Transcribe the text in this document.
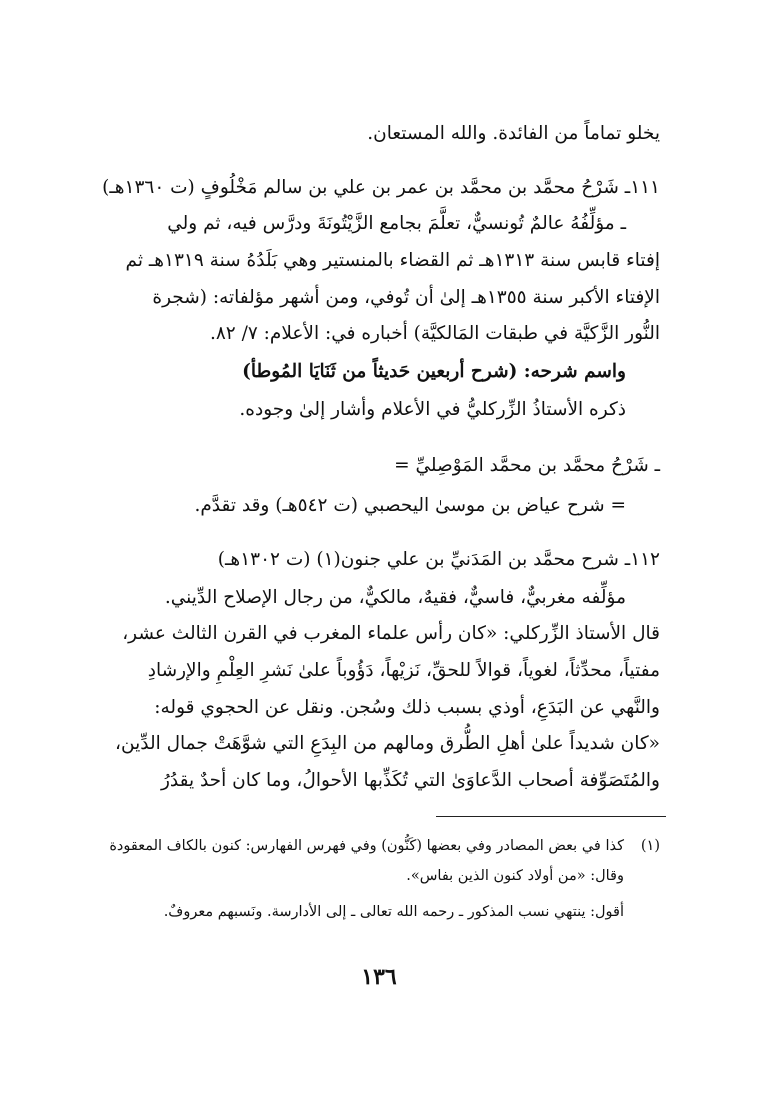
يخلو تماماً من الفائدة. والله المستعان.
١١١ـ شَرْحُ محمَّد بن محمَّد بن عمر بن علي بن سالم مَخْلُوفٍ (ت ١٣٦٠هـ)
ـ مؤلِّفُهُ عالمٌ تُونسيٌّ، تعلَّمَ بجامع الزَّيْتُونَةَ ودرَّس فيه، ثم ولي
إفتاء قابس سنة ١٣١٣هـ ثم القضاء بالمنستير وهي بَلَدُهُ سنة ١٣١٩هـ ثم
الإفتاء الأكبر سنة ١٣٥٥هـ إلىٰ أن تُوفي، ومن أشهر مؤلفاته: (شجرة
النُّور الزَّكيَّة في طبقات المَالكيَّة) أخباره في: الأعلام: ٧/ ٨٢.
واسم شرحه: (شرح أربعين حَديثاً من ثَنَايَا المُوطأ)
ذكره الأستاذُ الزِّركليُّ في الأعلام وأشار إلىٰ وجوده.
ـ شَرْحُ محمَّد بن محمَّد المَوْصِليِّ =
= شرح عياض بن موسىٰ اليحصبي (ت ٥٤٢هـ) وقد تقدَّم.
١١٢ـ شرح محمَّد بن المَدَنيِّ بن علي جنون(١) (ت ١٣٠٢هـ)
مؤلِّفه مغربيٌّ، فاسيٌّ، فقيهٌ، مالكيٌّ، من رجال الإصلاح الدِّيني.
قال الأستاذ الزِّركلي: «كان رأس علماء المغرب في القرن الثالث عشر،
مفتياً، محدِّثاً، لغوياً، قوالاً للحقِّ، نَزيْهاً، دَؤُوباً علىٰ نَشرِ العِلْمِ والإرشادِ
والنَّهي عن البَدَعِ، أوذي بسبب ذلك وسُجن. ونقل عن الحجوي قوله:
«كان شديداً علىٰ أهلِ الطُّرق ومالهم من البِدَعِ التي شوَّهَتْ جمال الدِّين،
والمُتَصَوِّفة أصحاب الدَّعاوَىٰ التي تُكَذِّبها الأحوالُ، وما كان أحدٌ يقدُرُ
(١)
كذا في بعض المصادر وفي بعضها (كَنُّون) وفي فهرس الفهارس: كنون بالكاف المعقودة
وقال: «من أولاد كنون الذين بفاس».
أقول: ينتهي نسب المذكور ـ رحمه الله تعالى ـ إلى الأدارسة. ونَسبهم معروفٌ.
١٣٦
